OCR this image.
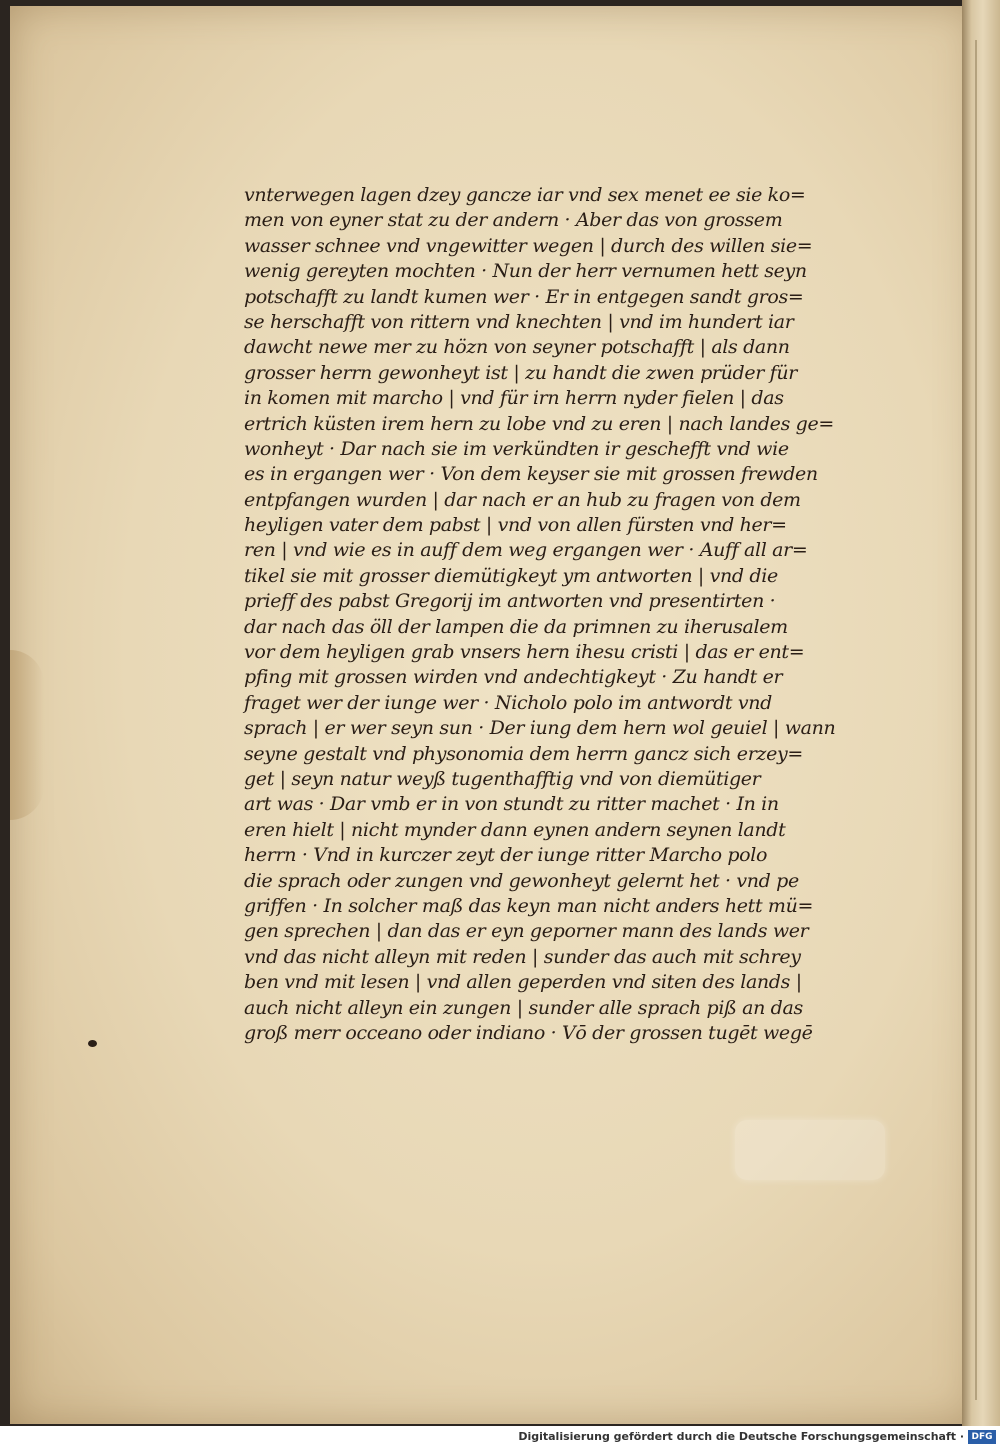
vnterwegen lagen dzey gancze iar vnd sex menet ee sie ko=
men von eyner stat zu der andern · Aber das von grossem
wasser schnee vnd vngewitter wegen | durch des willen sie=
wenig gereyten mochten · Nun der herr vernumen hett seyn
potschafft zu landt kumen wer · Er in entgegen sandt gros=
se herschafft von rittern vnd knechten | vnd im hundert iar
dawcht newe mer zu hözn von seyner potschafft | als dann
grosser herrn gewonheyt ist | zu handt die zwen prüder für
in komen mit marcho | vnd für irn herrn nyder fielen | das
ertrich küsten irem hern zu lobe vnd zu eren | nach landes ge=
wonheyt · Dar nach sie im verkündten ir geschefft vnd wie
es in ergangen wer · Von dem keyser sie mit grossen frewden
entpfangen wurden | dar nach er an hub zu fragen von dem
heyligen vater dem pabst | vnd von allen fürsten vnd her=
ren | vnd wie es in auff dem weg ergangen wer · Auff all ar=
tikel sie mit grosser diemütigkeyt ym antworten | vnd die
prieff des pabst Gregorij im antworten vnd presentirten ·
dar nach das öll der lampen die da primnen zu iherusalem
vor dem heyligen grab vnsers hern ihesu cristi | das er ent=
pfing mit grossen wirden vnd andechtigkeyt · Zu handt er
fraget wer der iunge wer · Nicholo polo im antwordt vnd
sprach | er wer seyn sun · Der iung dem hern wol geuiel | wann
seyne gestalt vnd physonomia dem herrn gancz sich erzey=
get | seyn natur weyß tugenthafftig vnd von diemütiger
art was · Dar vmb er in von stundt zu ritter machet · In in
eren hielt | nicht mynder dann eynen andern seynen landt
herrn · Vnd in kurczer zeyt der iunge ritter Marcho polo
die sprach oder zungen vnd gewonheyt gelernt het · vnd pe
griffen · In solcher maß das keyn man nicht anders hett mü=
gen sprechen | dan das er eyn geporner mann des lands wer
vnd das nicht alleyn mit reden | sunder das auch mit schrey
ben vnd mit lesen | vnd allen geperden vnd siten des lands |
auch nicht alleyn ein zungen | sunder alle sprach piß an das
groß merr occeano oder indiano · Vō der grossen tugēt wegē
Digitalisierung gefördert durch die Deutsche Forschungsgemeinschaft · DFG
